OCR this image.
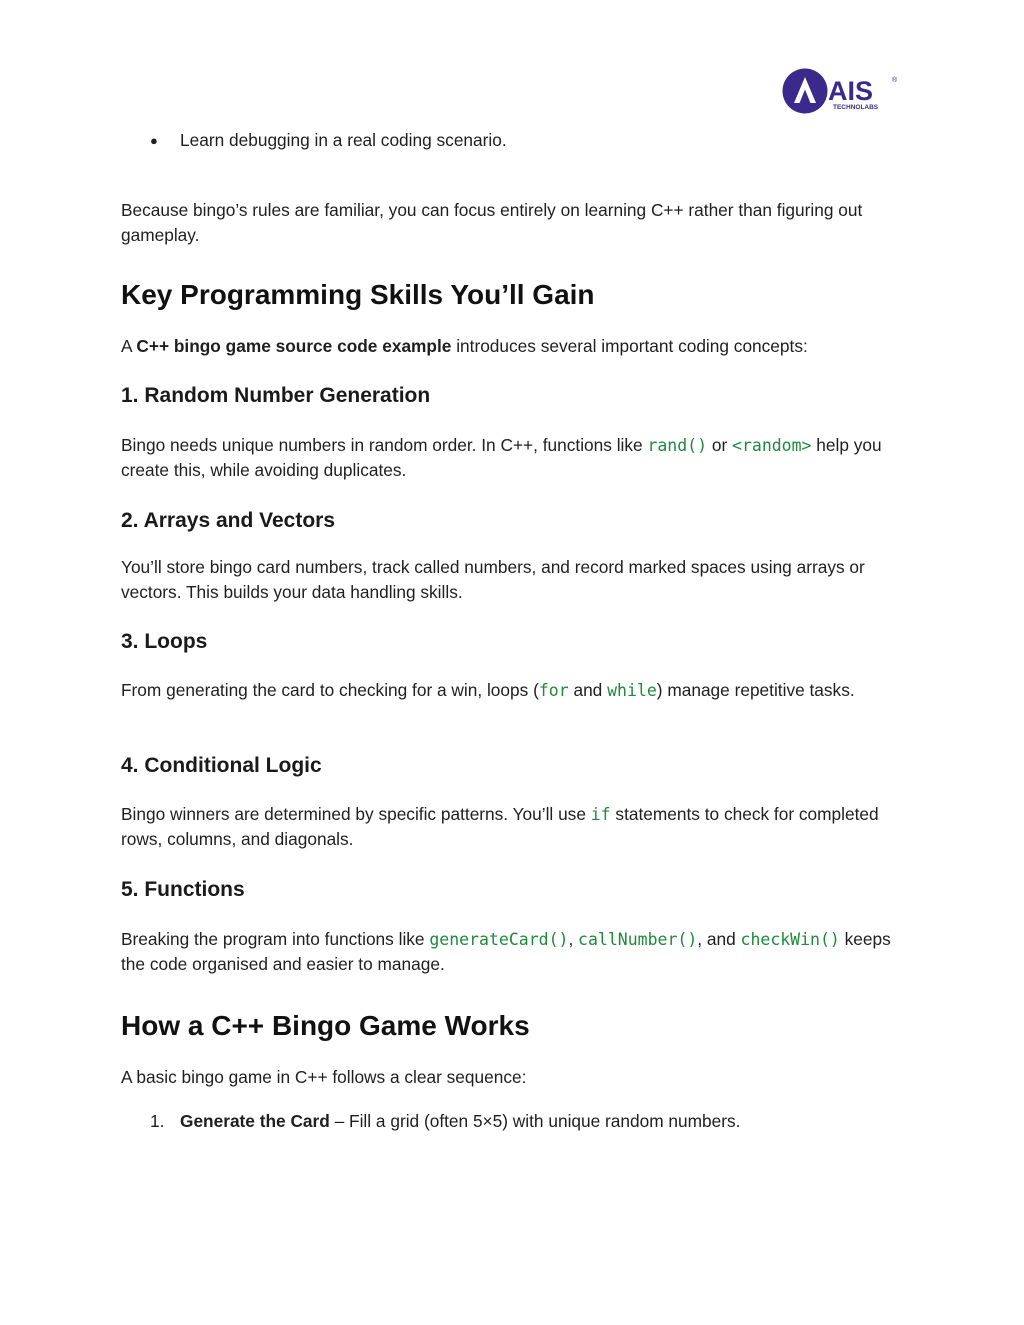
AIS	®
TECHNOLABS
● Learn debugging in a real coding scenario.

Because bingo’s rules are familiar, you can focus entirely on learning C++ rather than figuring out gameplay.

Key Programming Skills You’ll Gain

A C++ bingo game source code example introduces several important coding concepts:

1. Random Number Generation

Bingo needs unique numbers in random order. In C++, functions like rand() or <random> help you create this, while avoiding duplicates.

2. Arrays and Vectors

You’ll store bingo card numbers, track called numbers, and record marked spaces using arrays or vectors. This builds your data handling skills.

3. Loops

From generating the card to checking for a win, loops (for and while) manage repetitive tasks.

4. Conditional Logic

Bingo winners are determined by specific patterns. You’ll use if statements to check for completed rows, columns, and diagonals.

5. Functions

Breaking the program into functions like generateCard(), callNumber(), and checkWin() keeps the code organised and easier to manage.

How a C++ Bingo Game Works

A basic bingo game in C++ follows a clear sequence:

1. Generate the Card – Fill a grid (often 5×5) with unique random numbers.
